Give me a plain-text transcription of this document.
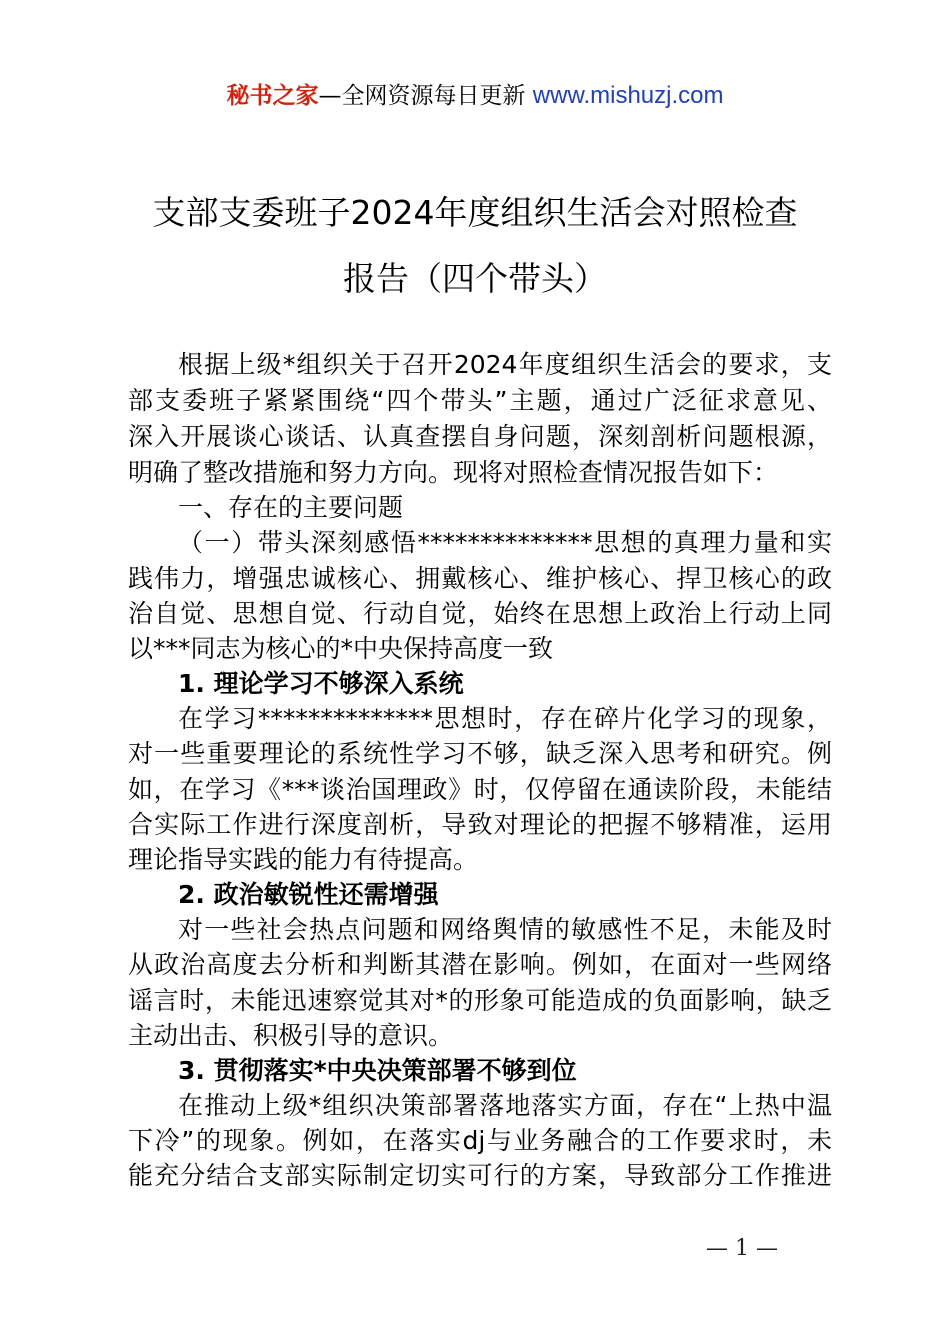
秘书之家—全网资源每日更新 www.mishuzj.com
支部支委班子2024年度组织生活会对照检查
报告（四个带头）
根据上级*组织关于召开2024年度组织生活会的要求，支
部支委班子紧紧围绕“四个带头”主题，通过广泛征求意见、
深入开展谈心谈话、认真查摆自身问题，深刻剖析问题根源，
明确了整改措施和努力方向。现将对照检查情况报告如下：
一、存在的主要问题
（一）带头深刻感悟**************思想的真理力量和实
践伟力，增强忠诚核心、拥戴核心、维护核心、捍卫核心的政
治自觉、思想自觉、行动自觉，始终在思想上政治上行动上同
以***同志为核心的*中央保持高度一致
1. 理论学习不够深入系统
在学习**************思想时，存在碎片化学习的现象，
对一些重要理论的系统性学习不够，缺乏深入思考和研究。例
如，在学习《***谈治国理政》时，仅停留在通读阶段，未能结
合实际工作进行深度剖析，导致对理论的把握不够精准，运用
理论指导实践的能力有待提高。
2. 政治敏锐性还需增强
对一些社会热点问题和网络舆情的敏感性不足，未能及时
从政治高度去分析和判断其潜在影响。例如，在面对一些网络
谣言时，未能迅速察觉其对*的形象可能造成的负面影响，缺乏
主动出击、积极引导的意识。
3. 贯彻落实*中央决策部署不够到位
在推动上级*组织决策部署落地落实方面，存在“上热中温
下冷”的现象。例如，在落实dj与业务融合的工作要求时，未
能充分结合支部实际制定切实可行的方案，导致部分工作推进
— 1 —
